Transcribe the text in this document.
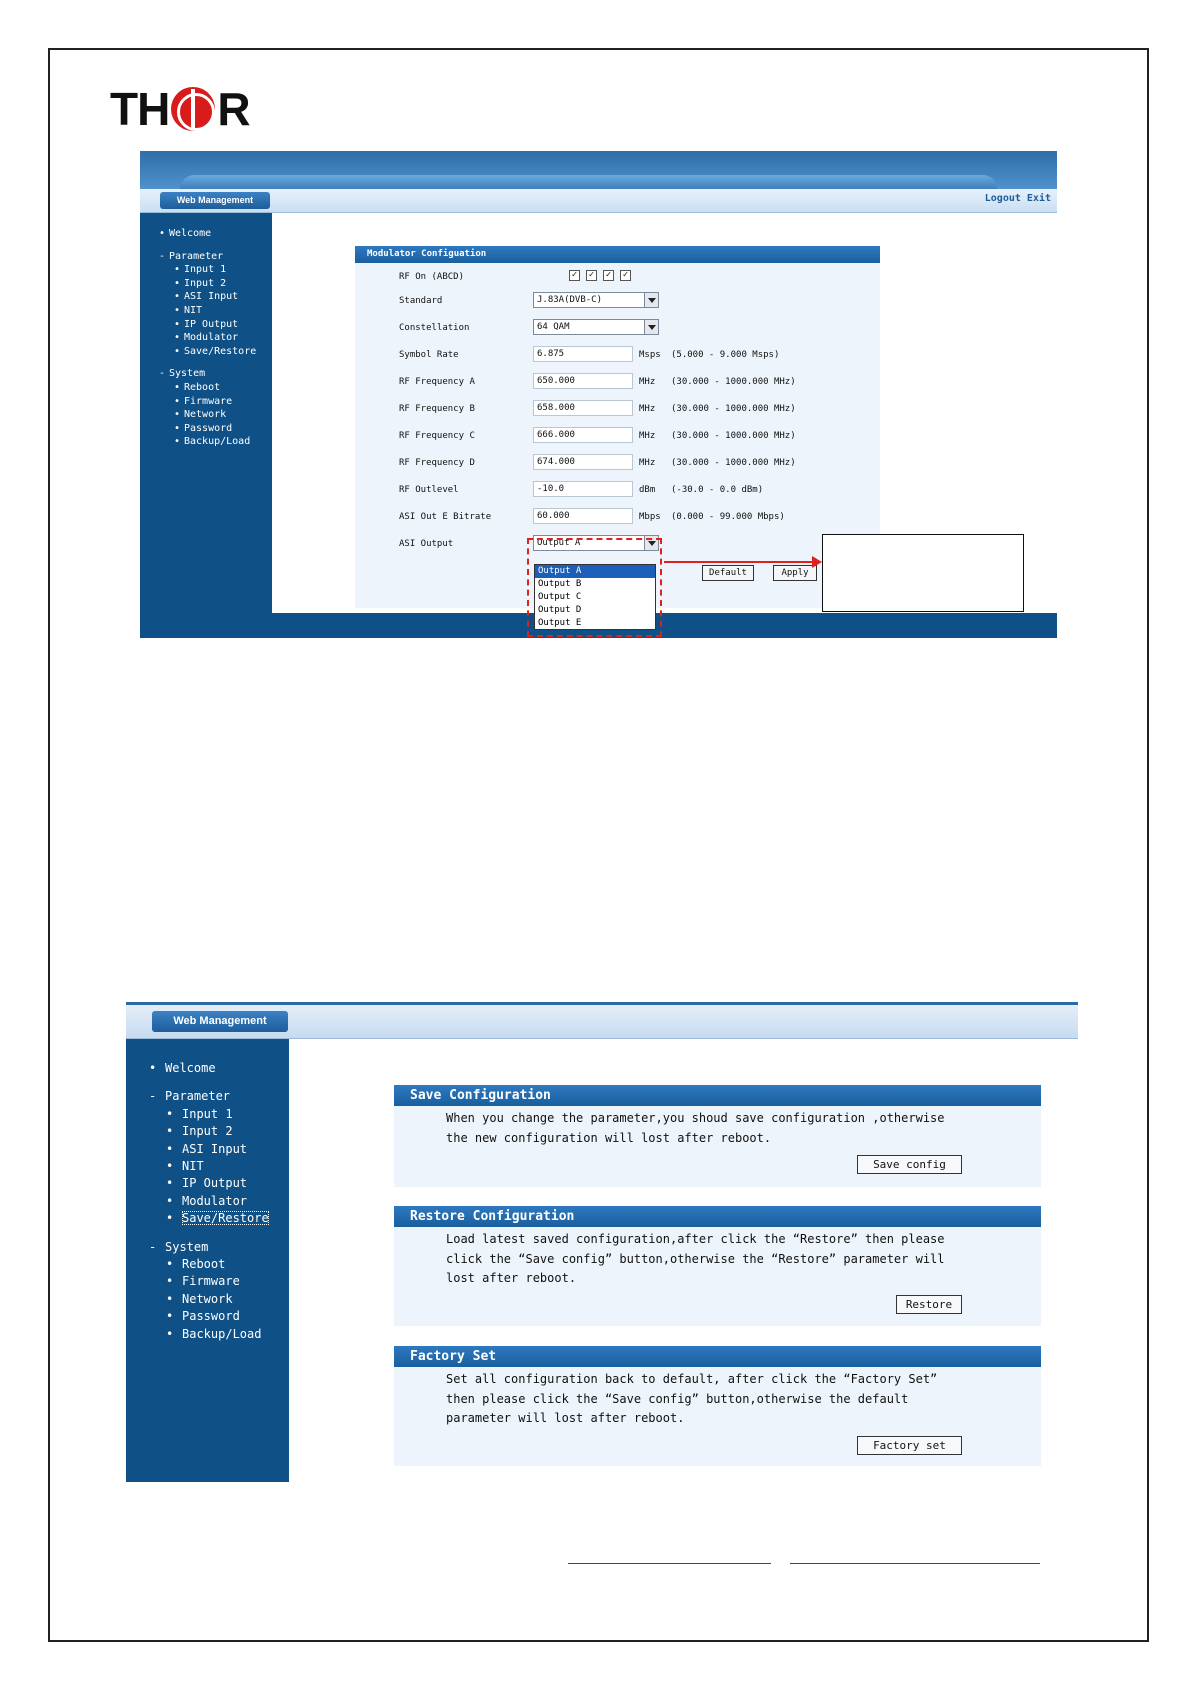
TH R
Web Management	Logout Exit
• Welcome
- Parameter
• Input 1
• Input 2
• ASI Input
• NIT
• IP Output
• Modulator
• Save/Restore
- System
• Reboot
• Firmware
• Network
• Password
• Backup/Load
Modulator Configuation
RF On (ABCD)	✓	✓	✓	✓
Standard	J.83A(DVB-C)
Constellation	64 QAM
Symbol Rate	6.875	Msps (5.000 - 9.000 Msps)
RF Frequency A	650.000	MHz (30.000 - 1000.000 MHz)
RF Frequency B	658.000	MHz (30.000 - 1000.000 MHz)
RF Frequency C	666.000	MHz (30.000 - 1000.000 MHz)
RF Frequency D	674.000	MHz (30.000 - 1000.000 MHz)
RF Outlevel	-10.0	dBm (-30.0 - 0.0 dBm)
ASI Out E Bitrate	60.000	Mbps (0.000 - 99.000 Mbps)
ASI Output	Output A
Output A
Output B
Output C
Output D
Output E
Default	Apply
Web Management
• Welcome
- Parameter
• Input 1
• Input 2
• ASI Input
• NIT
• IP Output
• Modulator
• Save/Restore
- System
• Reboot
• Firmware
• Network
• Password
• Backup/Load
Save Configuration
When you change the parameter,you shoud save configuration ,otherwise
the new configuration will lost after reboot.
Save config
Restore Configuration
Load latest saved configuration,after click the “Restore” then please
click the “Save config” button,otherwise the “Restore” parameter will
lost after reboot.
Restore
Factory Set
Set all configuration back to default, after click the “Factory Set”
then please click the “Save config” button,otherwise the default
parameter will lost after reboot.
Factory set
